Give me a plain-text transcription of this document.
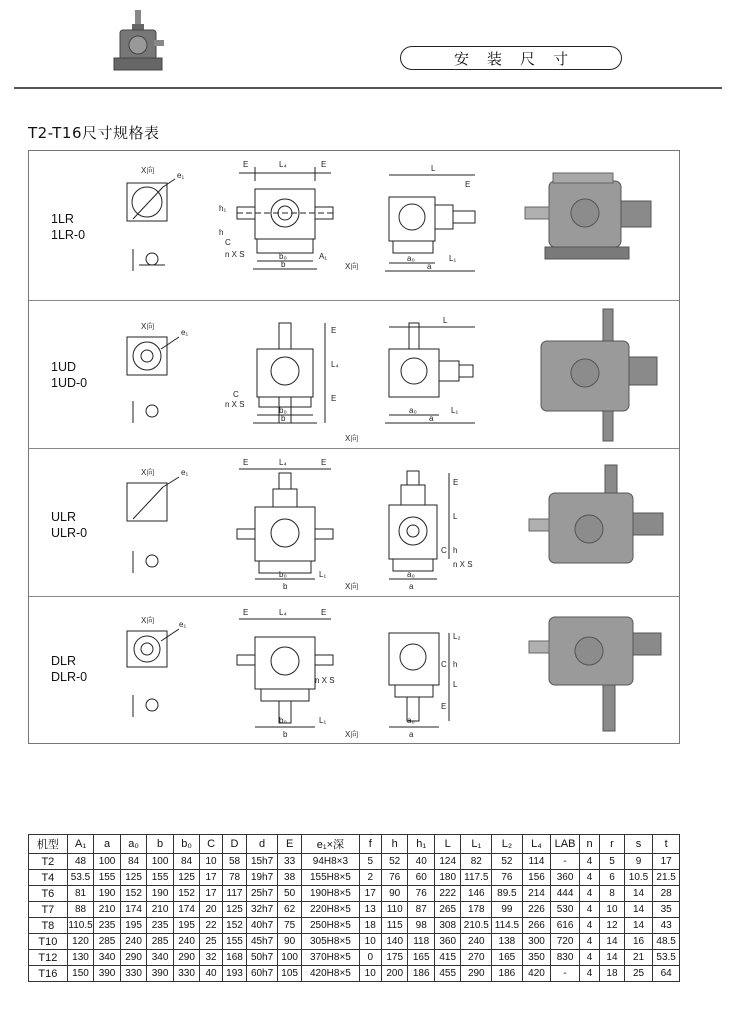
安装尺寸
T2-T16尺寸规格表
1LR
1LR-0
X向
e₁
E	L₄	E
h₁
h
C
n X S	b₀	A₁
b	X向
L
E
a₀	L₁
a
1UD
1UD-0
X向
e₁	E
L₄
E
C
n X S
b₀
b
X向
L
a₀	L₁
a
ULR
ULR-0
X向	e₁
E	L₄	E
b₀	L₁
b	X向
E
L
C h
n X S
a₀
a
DLR
DLR-0
X向	e₁
E	L₄	E
n X S
b₀	L₁
b	X向
L₂
C h
L
E
a₀
a
机型	A₁	a	a₀	b	b₀	C	D	d	E	e₁×深	f	h	h₁	L	L₁	L₂	L₄	LAB	n	r	s	t
T2	48	100	84	100	84	10	58	15h7	33	94H8×3	5	52	40	124	82	52	114	-	4	5	9	17
T4	53.5	155	125	155	125	17	78	19h7	38	155H8×5	2	76	60	180	117.5	76	156	360	4	6	10.5	21.5
T6	81	190	152	190	152	17	117	25h7	50	190H8×5	17	90	76	222	146	89.5	214	444	4	8	14	28
T7	88	210	174	210	174	20	125	32h7	62	220H8×5	13	110	87	265	178	99	226	530	4	10	14	35
T8	110.5	235	195	235	195	22	152	40h7	75	250H8×5	18	115	98	308	210.5	114.5	266	616	4	12	14	43
T10	120	285	240	285	240	25	155	45h7	90	305H8×5	10	140	118	360	240	138	300	720	4	14	16	48.5
T12	130	340	290	340	290	32	168	50h7	100	370H8×5	0	175	165	415	270	165	350	830	4	14	21	53.5
T16	150	390	330	390	330	40	193	60h7	105	420H8×5	10	200	186	455	290	186	420	-	4	18	25	64
